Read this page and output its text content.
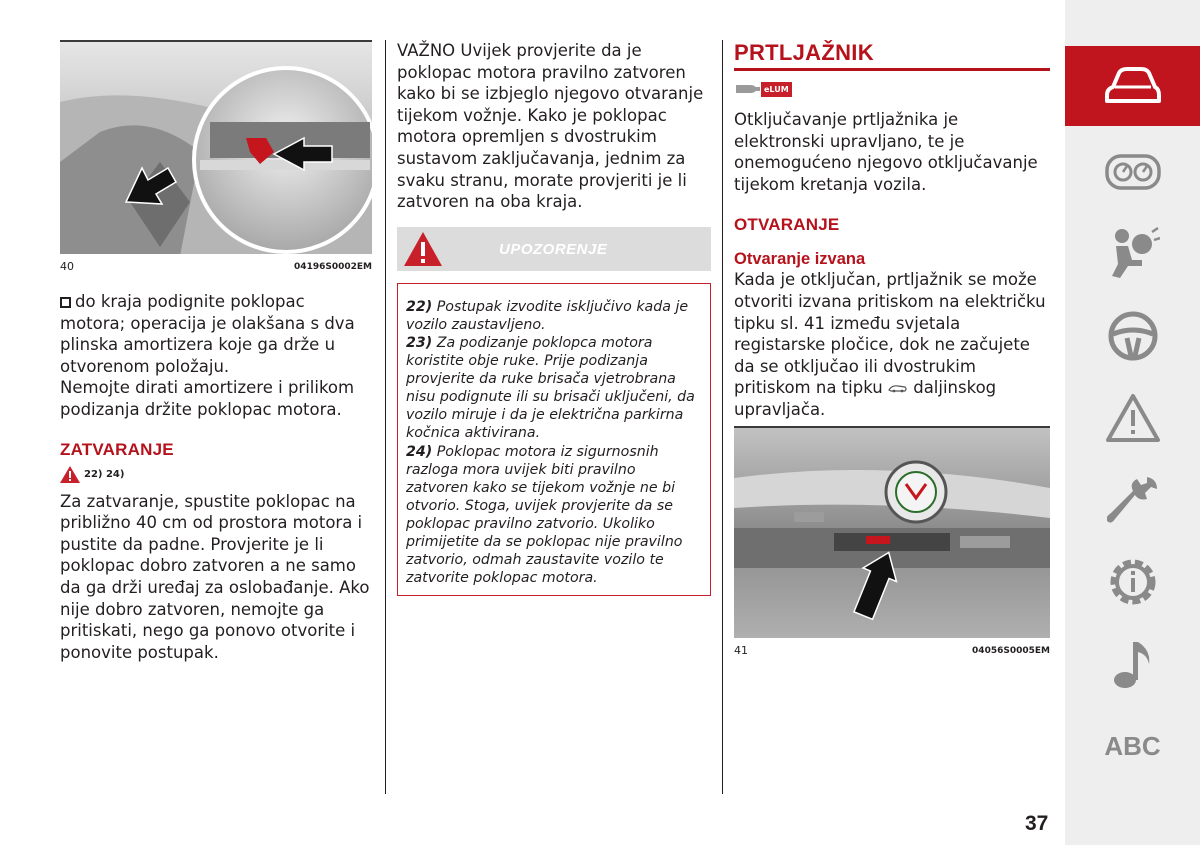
40	04196S0002EM
do kraja podignite poklopac motora; operacija je olakšana s dva plinska amortizera koje ga drže u otvorenom položaju.
Nemojte dirati amortizere i prilikom podizanja držite poklopac motora.
ZATVARANJE
22) 24)
Za zatvaranje, spustite poklopac na približno 40 cm od prostora motora i pustite da padne. Provjerite je li poklopac dobro zatvoren a ne samo da ga drži uređaj za oslobađanje. Ako nije dobro zatvoren, nemojte ga pritiskati, nego ga ponovo otvorite i ponovite postupak.
VAŽNO Uvijek provjerite da je poklopac motora pravilno zatvoren kako bi se izbjeglo njegovo otvaranje tijekom vožnje. Kako je poklopac motora opremljen s dvostrukim sustavom zaključavanja, jednim za svaku stranu, morate provjeriti je li zatvoren na oba kraja.
UPOZORENJE

22) Postupak izvodite isključivo kada je vozilo zaustavljeno.

23) Za podizanje poklopca motora koristite obje ruke. Prije podizanja provjerite da ruke brisača vjetrobrana nisu podignute ili su brisači uključeni, da vozilo miruje i da je električna parkirna kočnica aktivirana.

24) Poklopac motora iz sigurnosnih razloga mora uvijek biti pravilno zatvoren kako se tijekom vožnje ne bi otvorio. Stoga, uvijek provjerite da se poklopac pravilno zatvorio. Ukoliko primijetite da se poklopac nije pravilno zatvorio, odmah zaustavite vozilo te zatvorite poklopac motora.

PRTLJAŽNIK
eLUM
Otključavanje prtljažnika je elektronski upravljano, te je onemogućeno njegovo otključavanje tijekom kretanja vozila.
OTVARANJE
Otvaranje izvana
Kada je otključan, prtljažnik se može otvoriti izvana pritiskom na električku tipku sl. 41 između svjetala registarske pločice, dok ne začujete da se otključao ili dvostrukim pritiskom na tipku daljinskog upravljača.
41	04056S0005EM
ABC
37
